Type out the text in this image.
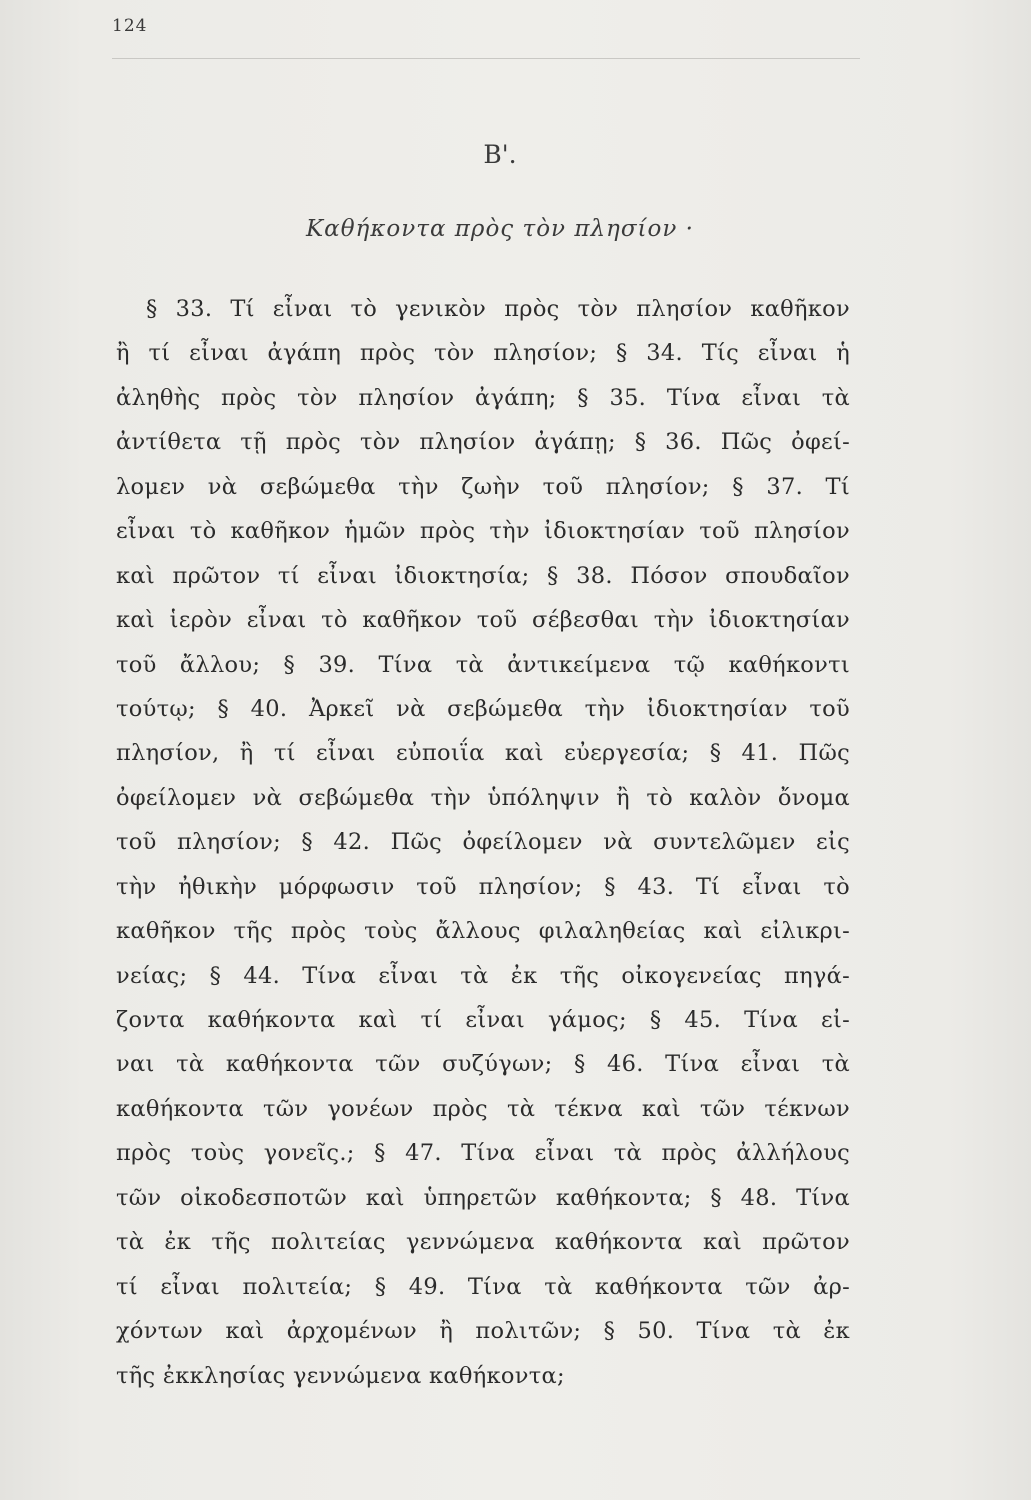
124
Β'.
Καθήκοντα πρὸς τὸν πλησίον ·
§ 33. Τί εἶναι τὸ γενικὸν πρὸς τὸν πλησίον καθῆκον
ἢ τί εἶναι ἀγάπη πρὸς τὸν πλησίον; § 34. Τίς εἶναι ἡ
ἀληθὴς πρὸς τὸν πλησίον ἀγάπη; § 35. Τίνα εἶναι τὰ
ἀντίθετα τῇ πρὸς τὸν πλησίον ἀγάπῃ; § 36. Πῶς ὀφεί-
λομεν νὰ σεβώμεθα τὴν ζωὴν τοῦ πλησίον; § 37. Τί
εἶναι τὸ καθῆκον ἡμῶν πρὸς τὴν ἰδιοκτησίαν τοῦ πλησίον
καὶ πρῶτον τί εἶναι ἰδιοκτησία; § 38. Πόσον σπουδαῖον
καὶ ἱερὸν εἶναι τὸ καθῆκον τοῦ σέβεσθαι τὴν ἰδιοκτησίαν
τοῦ ἄλλου; § 39. Τίνα τὰ ἀντικείμενα τῷ καθήκοντι
τούτῳ; § 40. Ἀρκεῖ νὰ σεβώμεθα τὴν ἰδιοκτησίαν τοῦ
πλησίον, ἢ τί εἶναι εὐποιΐα καὶ εὐεργεσία; § 41. Πῶς
ὀφείλομεν νὰ σεβώμεθα τὴν ὑπόληψιν ἢ τὸ καλὸν ὄνομα
τοῦ πλησίον; § 42. Πῶς ὀφείλομεν νὰ συντελῶμεν εἰς
τὴν ἠθικὴν μόρφωσιν τοῦ πλησίον; § 43. Τί εἶναι τὸ
καθῆκον τῆς πρὸς τοὺς ἄλλους φιλαληθείας καὶ εἰλικρι-
νείας; § 44. Τίνα εἶναι τὰ ἐκ τῆς οἰκογενείας πηγά-
ζοντα καθήκοντα καὶ τί εἶναι γάμος; § 45. Τίνα εἰ-
ναι τὰ καθήκοντα τῶν συζύγων; § 46. Τίνα εἶναι τὰ
καθήκοντα τῶν γονέων πρὸς τὰ τέκνα καὶ τῶν τέκνων
πρὸς τοὺς γονεῖς.; § 47. Τίνα εἶναι τὰ πρὸς ἀλλήλους
τῶν οἰκοδεσποτῶν καὶ ὑπηρετῶν καθήκοντα; § 48. Τίνα
τὰ ἐκ τῆς πολιτείας γεννώμενα καθήκοντα καὶ πρῶτον
τί εἶναι πολιτεία; § 49. Τίνα τὰ καθήκοντα τῶν ἀρ-
χόντων καὶ ἀρχομένων ἢ πολιτῶν; § 50. Τίνα τὰ ἐκ
τῆς ἐκκλησίας γεννώμενα καθήκοντα;
